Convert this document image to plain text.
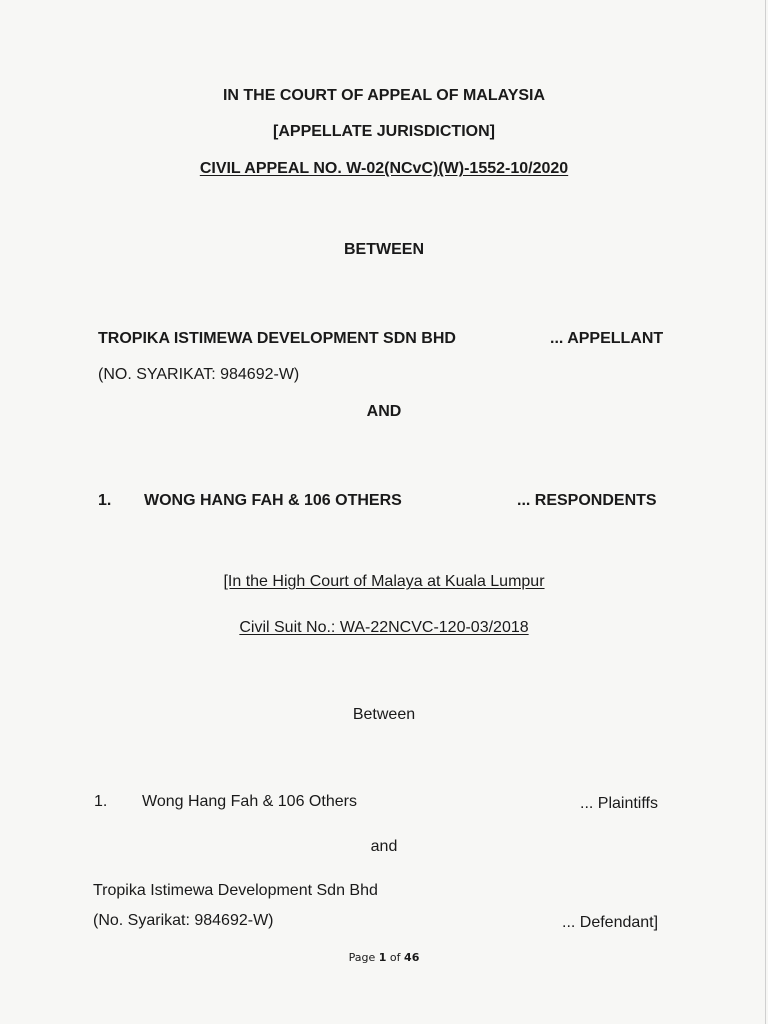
IN THE COURT OF APPEAL OF MALAYSIA
[APPELLATE JURISDICTION]
CIVIL APPEAL NO. W-02(NCvC)(W)-1552-10/2020
BETWEEN
TROPIKA ISTIMEWA DEVELOPMENT SDN BHD	... APPELLANT
(NO. SYARIKAT: 984692-W)
AND
1. WONG HANG FAH & 106 OTHERS	... RESPONDENTS
[In the High Court of Malaya at Kuala Lumpur
Civil Suit No.: WA-22NCVC-120-03/2018
Between
1. Wong Hang Fah & 106 Others	... Plaintiffs
and
Tropika Istimewa Development Sdn Bhd
(No. Syarikat: 984692-W)	... Defendant]
Page 1 of 46
